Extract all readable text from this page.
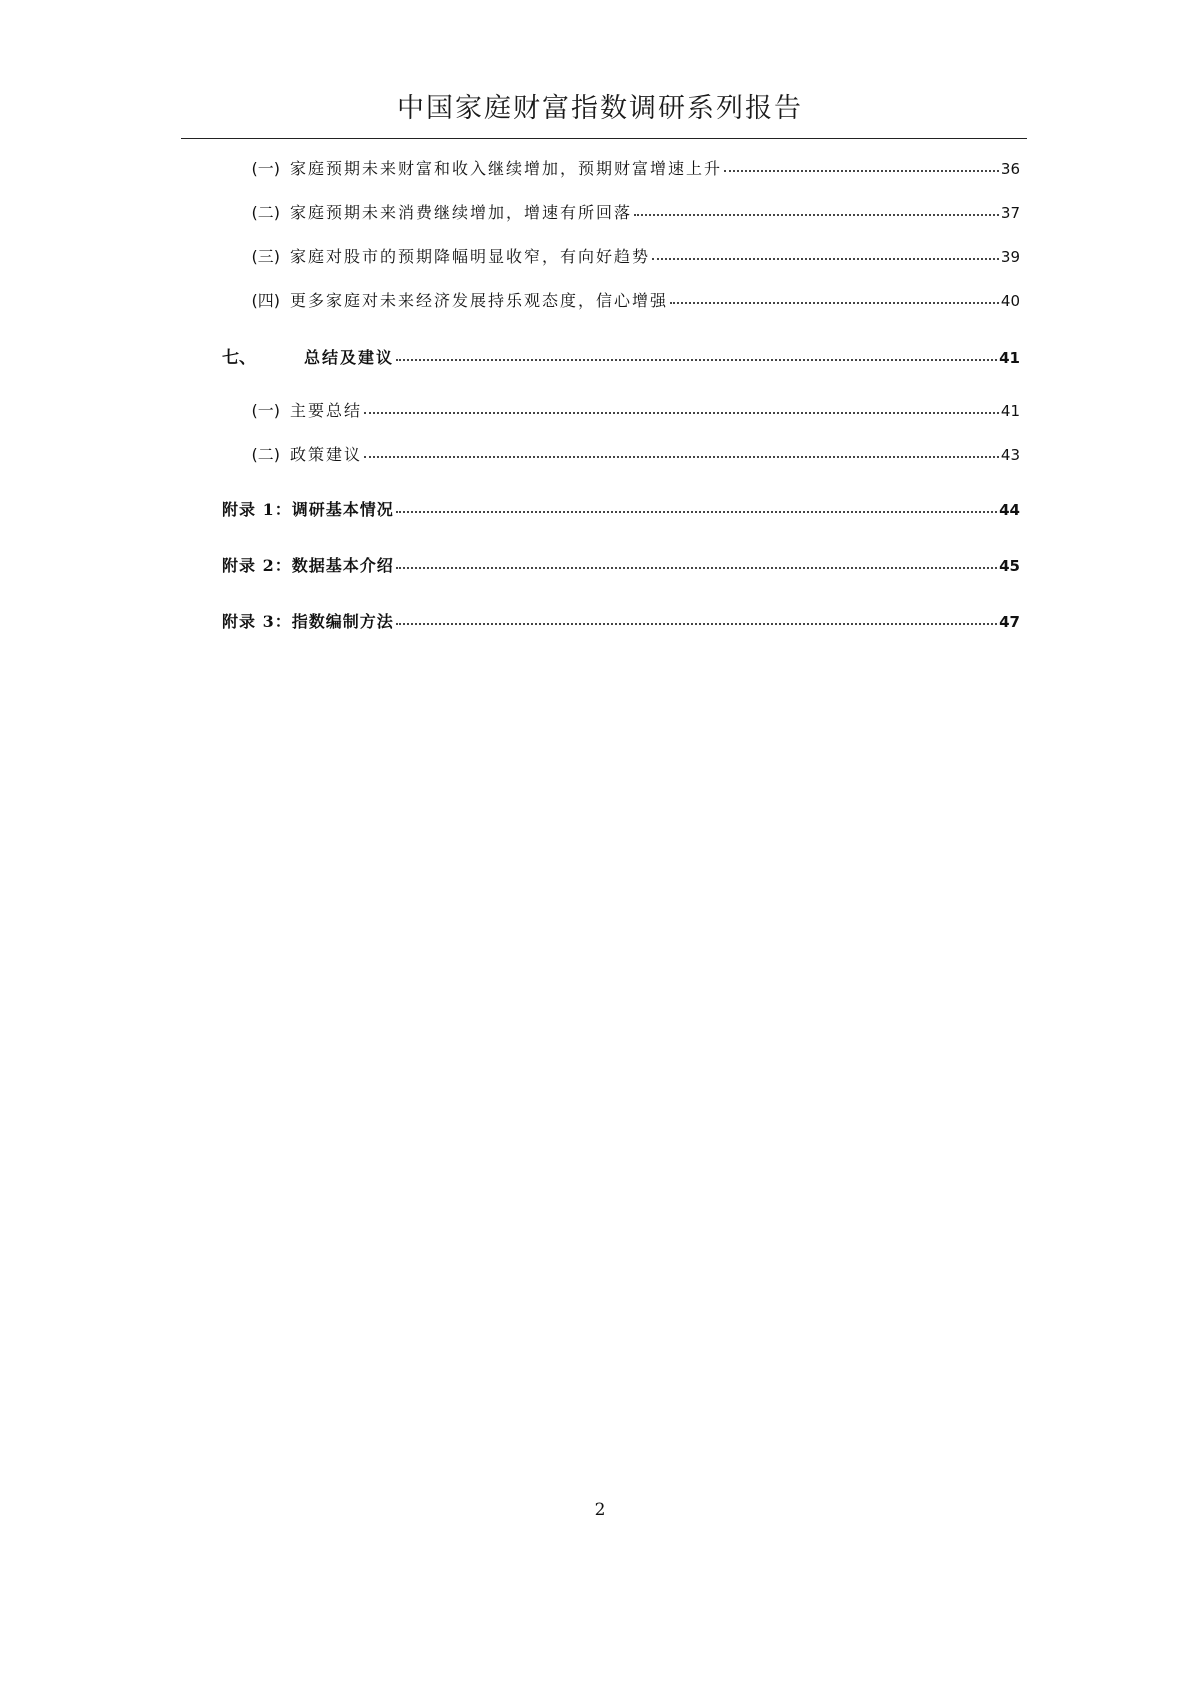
中国家庭财富指数调研系列报告
(一) 家庭预期未来财富和收入继续增加，预期财富增速上升	36
(二) 家庭预期未来消费继续增加，增速有所回落	37
(三) 家庭对股市的预期降幅明显收窄，有向好趋势	39
(四) 更多家庭对未来经济发展持乐观态度，信心增强	40
七、	总结及建议	41
(一) 主要总结	41
(二) 政策建议	43
附录 1：调研基本情况	44
附录 2：数据基本介绍	45
附录 3：指数编制方法	47
2
